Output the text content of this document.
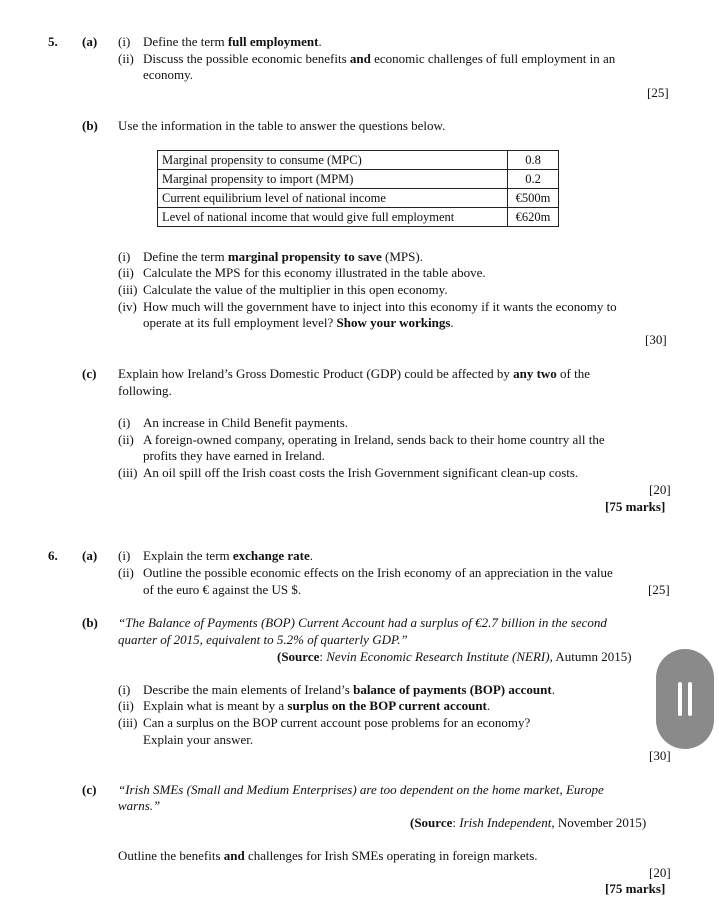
5. (a) (i) Define the term full employment.
(ii) Discuss the possible economic benefits and economic challenges of full employment in an
economy.
[25]
(b) Use the information in the table to answer the questions below.
Marginal propensity to consume (MPC)	0.8
Marginal propensity to import (MPM)	0.2
Current equilibrium level of national income	€500m
Level of national income that would give full employment	€620m
(i) Define the term marginal propensity to save (MPS).
(ii) Calculate the MPS for this economy illustrated in the table above.
(iii) Calculate the value of the multiplier in this open economy.
(iv) How much will the government have to inject into this economy if it wants the economy to
operate at its full employment level? Show your workings.
[30]
(c) Explain how Ireland’s Gross Domestic Product (GDP) could be affected by any two of the
following.
(i) An increase in Child Benefit payments.
(ii) A foreign-owned company, operating in Ireland, sends back to their home country all the
profits they have earned in Ireland.
(iii) An oil spill off the Irish coast costs the Irish Government significant clean-up costs.
[20]
[75 marks]
6. (a) (i) Explain the term exchange rate.
(ii) Outline the possible economic effects on the Irish economy of an appreciation in the value
of the euro € against the US $.	[25]
(b) “The Balance of Payments (BOP) Current Account had a surplus of €2.7 billion in the second
quarter of 2015, equivalent to 5.2% of quarterly GDP.”
(Source: Nevin Economic Research Institute (NERI), Autumn 2015)
(i) Describe the main elements of Ireland’s balance of payments (BOP) account.
(ii) Explain what is meant by a surplus on the BOP current account.
(iii) Can a surplus on the BOP current account pose problems for an economy?
Explain your answer.
[30]
(c) “Irish SMEs (Small and Medium Enterprises) are too dependent on the home market, Europe
warns.”
(Source: Irish Independent, November 2015)
Outline the benefits and challenges for Irish SMEs operating in foreign markets.
[20]
[75 marks]
